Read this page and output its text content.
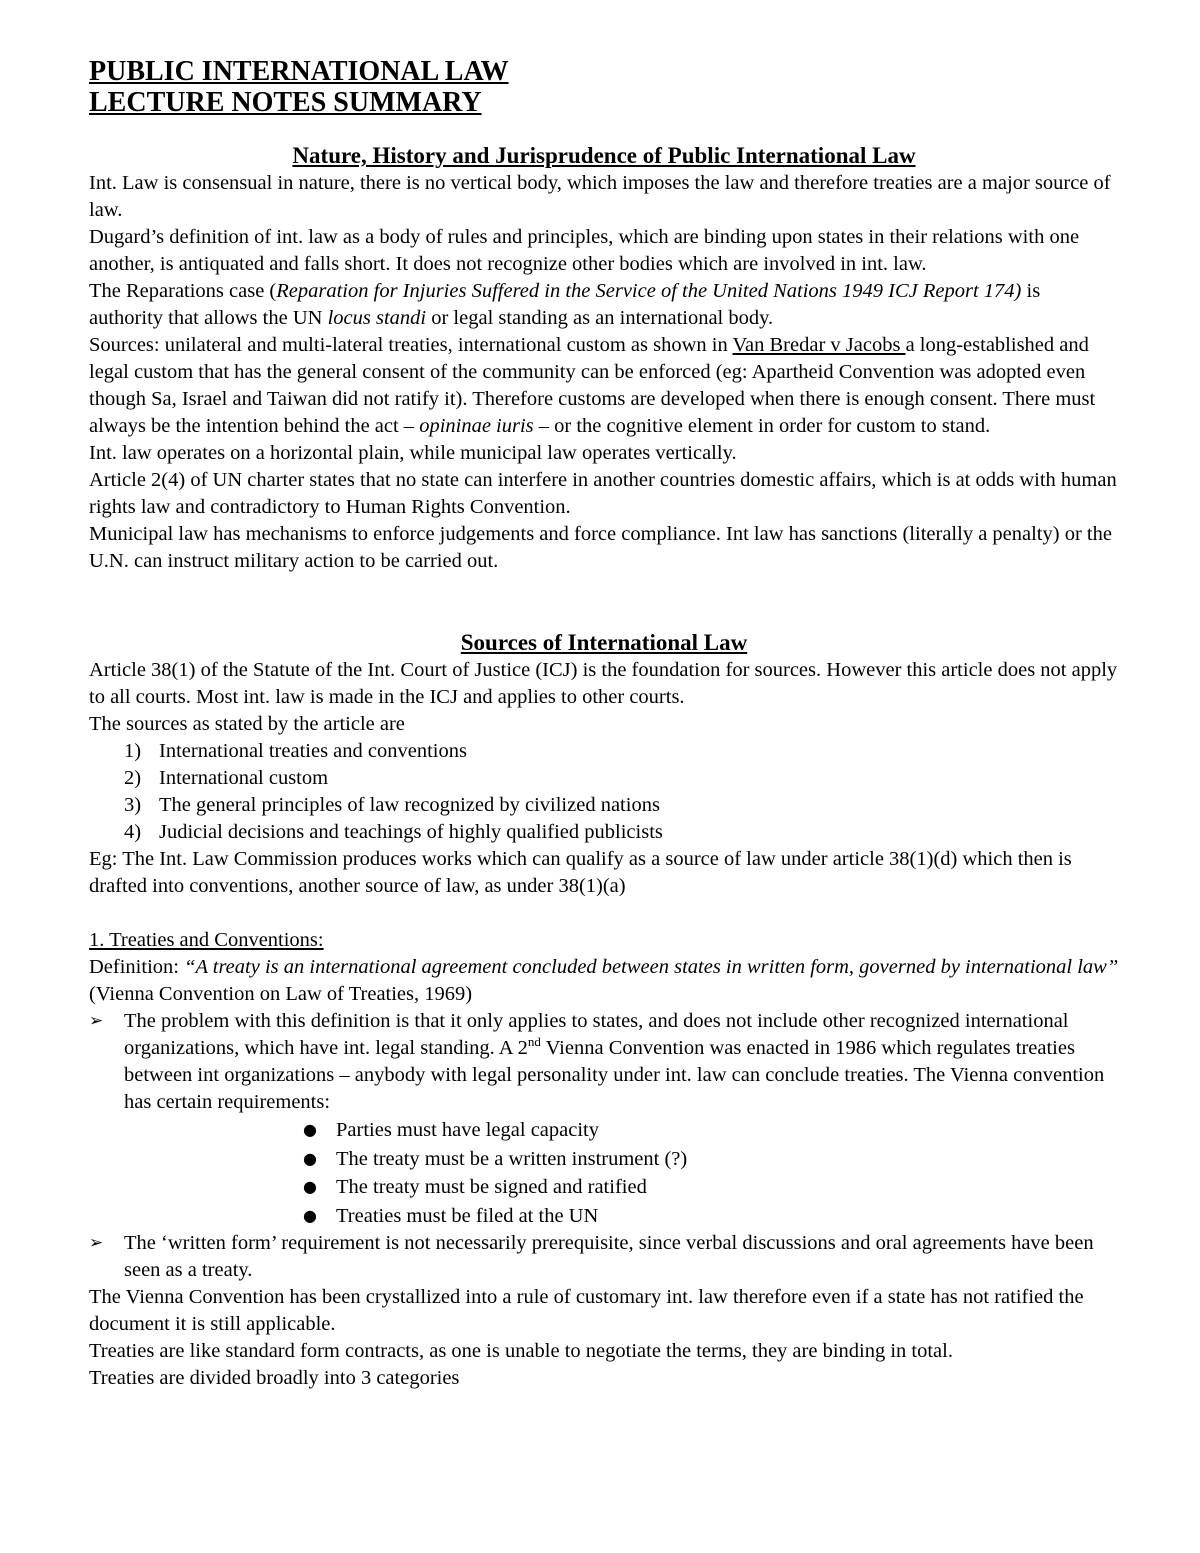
PUBLIC INTERNATIONAL LAW

LECTURE NOTES SUMMARY

Nature, History and Jurisprudence of Public International Law

Int. Law is consensual in nature, there is no vertical body, which imposes the law and therefore treaties are a major source of law.

Dugard’s definition of int. law as a body of rules and principles, which are binding upon states in their relations with one another, is antiquated and falls short. It does not recognize other bodies which are involved in int. law.

The Reparations case (Reparation for Injuries Suffered in the Service of the United Nations 1949 ICJ Report 174) is authority that allows the UN locus standi or legal standing as an international body.

Sources: unilateral and multi-lateral treaties, international custom as shown in Van Bredar v Jacobs a long-established and legal custom that has the general consent of the community can be enforced (eg: Apartheid Convention was adopted even though Sa, Israel and Taiwan did not ratify it). Therefore customs are developed when there is enough consent. There must always be the intention behind the act – opininae iuris – or the cognitive element in order for custom to stand.

Int. law operates on a horizontal plain, while municipal law operates vertically.

Article 2(4) of UN charter states that no state can interfere in another countries domestic affairs, which is at odds with human rights law and contradictory to Human Rights Convention.

Municipal law has mechanisms to enforce judgements and force compliance. Int law has sanctions (literally a penalty) or the U.N. can instruct military action to be carried out.

Sources of International Law

Article 38(1) of the Statute of the Int. Court of Justice (ICJ) is the foundation for sources. However this article does not apply to all courts. Most int. law is made in the ICJ and applies to other courts.

The sources as stated by the article are

1) International treaties and conventions
2) International custom
3) The general principles of law recognized by civilized nations
4) Judicial decisions and teachings of highly qualified publicists

Eg: The Int. Law Commission produces works which can qualify as a source of law under article 38(1)(d) which then is drafted into conventions, another source of law, as under 38(1)(a)

1. Treaties and Conventions:

Definition: “A treaty is an international agreement concluded between states in written form, governed by international law” (Vienna Convention on Law of Treaties, 1969)

➢ The problem with this definition is that it only applies to states, and does not include other recognized international organizations, which have int. legal standing. A 2nd Vienna Convention was enacted in 1986 which regulates treaties between int organizations – anybody with legal personality under int. law can conclude treaties. The Vienna convention has certain requirements:
● Parties must have legal capacity
● The treaty must be a written instrument (?)
● The treaty must be signed and ratified
● Treaties must be filed at the UN
➢ The ‘written form’ requirement is not necessarily prerequisite, since verbal discussions and oral agreements have been seen as a treaty.

The Vienna Convention has been crystallized into a rule of customary int. law therefore even if a state has not ratified the document it is still applicable.

Treaties are like standard form contracts, as one is unable to negotiate the terms, they are binding in total.

Treaties are divided broadly into 3 categories
